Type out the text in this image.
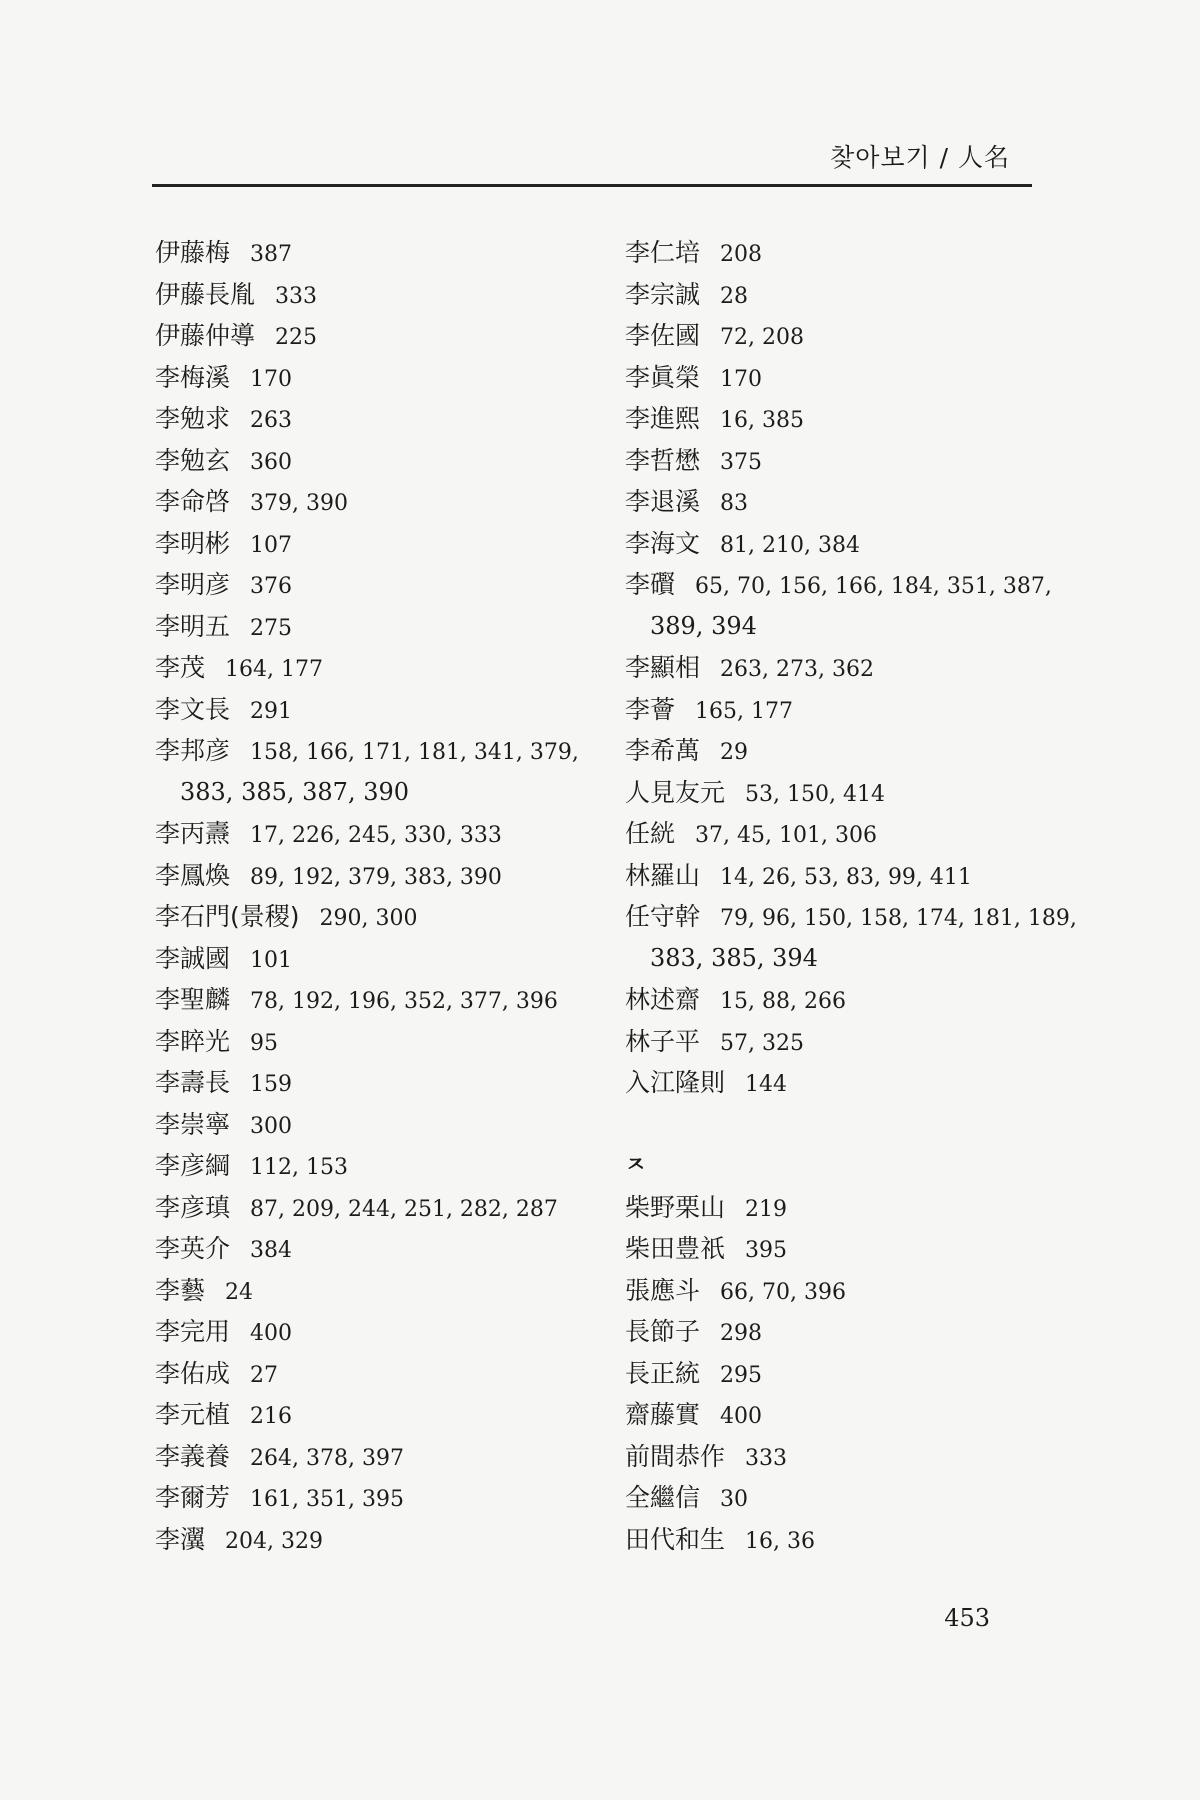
찾아보기 / 人名
伊藤梅 387
伊藤長胤 333
伊藤仲導 225
李梅溪 170
李勉求 263
李勉玄 360
李命啓 379, 390
李明彬 107
李明彦 376
李明五 275
李茂 164, 177
李文長 291
李邦彦 158, 166, 171, 181, 341, 379,
383, 385, 387, 390
李丙燾 17, 226, 245, 330, 333
李鳳煥 89, 192, 379, 383, 390
李石門(景稷) 290, 300
李誠國 101
李聖麟 78, 192, 196, 352, 377, 396
李睟光 95
李壽長 159
李崇寧 300
李彦綱 112, 153
李彦瑱 87, 209, 244, 251, 282, 287
李英介 384
李藝 24
李完用 400
李佑成 27
李元植 216
李義養 264, 378, 397
李爾芳 161, 351, 395
李瀷 204, 329
李仁培 208
李宗誠 28
李佐國 72, 208
李眞榮 170
李進熙 16, 385
李哲懋 375
李退溪 83
李海文 81, 210, 384
李礥 65, 70, 156, 166, 184, 351, 387,
389, 394
李顯相 263, 273, 362
李薈 165, 177
李希萬 29
人見友元 53, 150, 414
任絖 37, 45, 101, 306
林羅山 14, 26, 53, 83, 99, 411
任守幹 79, 96, 150, 158, 174, 181, 189,
383, 385, 394
林述齋 15, 88, 266
林子平 57, 325
入江隆則 144
ㅈ
柴野栗山 219
柴田豊祇 395
張應斗 66, 70, 396
長節子 298
長正統 295
齋藤實 400
前間恭作 333
全繼信 30
田代和生 16, 36
453
